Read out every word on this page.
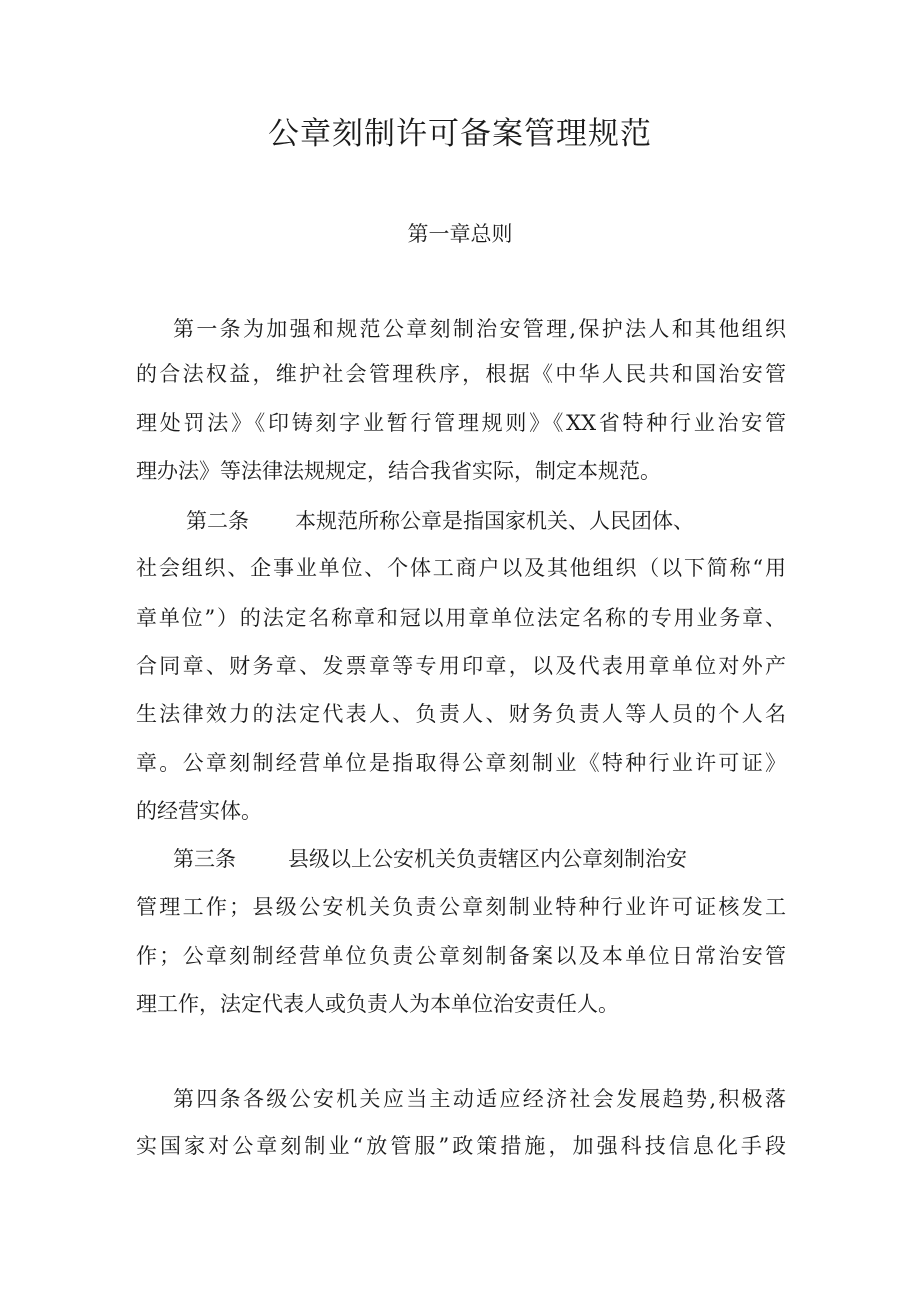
公章刻制许可备案管理规范
第一章总则
第一条为加强和规范公章刻制治安管理,保护法人和其他组织
的合法权益，维护社会管理秩序，根据《中华人民共和国治安管
理处罚法》《印铸刻字业暂行管理规则》《XX省特种行业治安管
理办法》等法律法规规定，结合我省实际，制定本规范。
第二条 本规范所称公章是指国家机关、人民团体、
社会组织、企事业单位、个体工商户以及其他组织（以下简称“用
章单位”）的法定名称章和冠以用章单位法定名称的专用业务章、
合同章、财务章、发票章等专用印章，以及代表用章单位对外产
生法律效力的法定代表人、负责人、财务负责人等人员的个人名
章。公章刻制经营单位是指取得公章刻制业《特种行业许可证》
的经营实体。
第三条 县级以上公安机关负责辖区内公章刻制治安
管理工作；县级公安机关负责公章刻制业特种行业许可证核发工
作；公章刻制经营单位负责公章刻制备案以及本单位日常治安管
理工作，法定代表人或负责人为本单位治安责任人。
第四条各级公安机关应当主动适应经济社会发展趋势,积极落
实国家对公章刻制业“放管服”政策措施，加强科技信息化手段
